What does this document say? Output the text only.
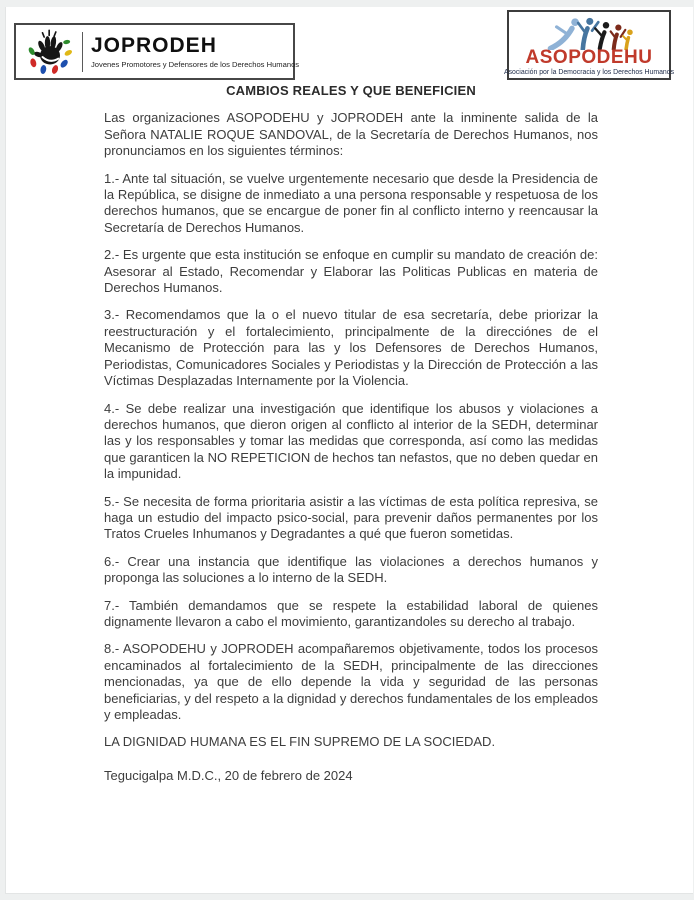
JOPRODEH
Jovenes Promotores y Defensores de los Derechos Humanos	ASOPODEHU
Asociación por la Democracia y los Derechos Humanos
CAMBIOS REALES Y QUE BENEFICIEN

Las organizaciones ASOPODEHU y JOPRODEH ante la inminente salida de la Señora NATALIE ROQUE SANDOVAL, de la Secretaría de Derechos Humanos, nos pronunciamos en los siguientes términos:

1.- Ante tal situación, se vuelve urgentemente necesario que desde la Presidencia de la República, se disigne de inmediato a una persona responsable y respetuosa de los derechos humanos, que se encargue de poner fin al conflicto interno y reencausar la Secretaría de Derechos Humanos.

2.- Es urgente que esta institución se enfoque en cumplir su mandato de creación de: Asesorar al Estado, Recomendar y Elaborar las Politicas Publicas en materia de Derechos Humanos.

3.- Recomendamos que la o el nuevo titular de esa secretaría, debe priorizar la reestructuración y el fortalecimiento, principalmente de la direcciónes de el Mecanismo de Protección para las y los Defensores de Derechos Humanos, Periodistas, Comunicadores Sociales y Periodistas y la Dirección de Protección a las Víctimas Desplazadas Internamente por la Violencia.

4.- Se debe realizar una investigación que identifique los abusos y violaciones a derechos humanos, que dieron origen al conflicto al interior de la SEDH, determinar las y los responsables y tomar las medidas que corresponda, así como las medidas que garanticen la NO REPETICION de hechos tan nefastos, que no deben quedar en la impunidad.

5.- Se necesita de forma prioritaria asistir a las víctimas de esta política represiva, se haga un estudio del impacto psico-social, para prevenir daños permanentes por los Tratos Crueles Inhumanos y Degradantes a qué que fueron sometidas.

6.- Crear una instancia que identifique las violaciones a derechos humanos y proponga las soluciones a lo interno de la SEDH.

7.- También demandamos que se respete la estabilidad laboral de quienes dignamente llevaron a cabo el movimiento, garantizandoles su derecho al trabajo.

8.- ASOPODEHU y JOPRODEH acompañaremos objetivamente, todos los procesos encaminados al fortalecimiento de la SEDH, principalmente de las direcciones mencionadas, ya que de ello depende la vida y seguridad de las personas beneficiarias, y del respeto a la dignidad y derechos fundamentales de los empleados y empleadas.

LA DIGNIDAD HUMANA ES EL FIN SUPREMO DE LA SOCIEDAD.

Tegucigalpa M.D.C., 20 de febrero de 2024
